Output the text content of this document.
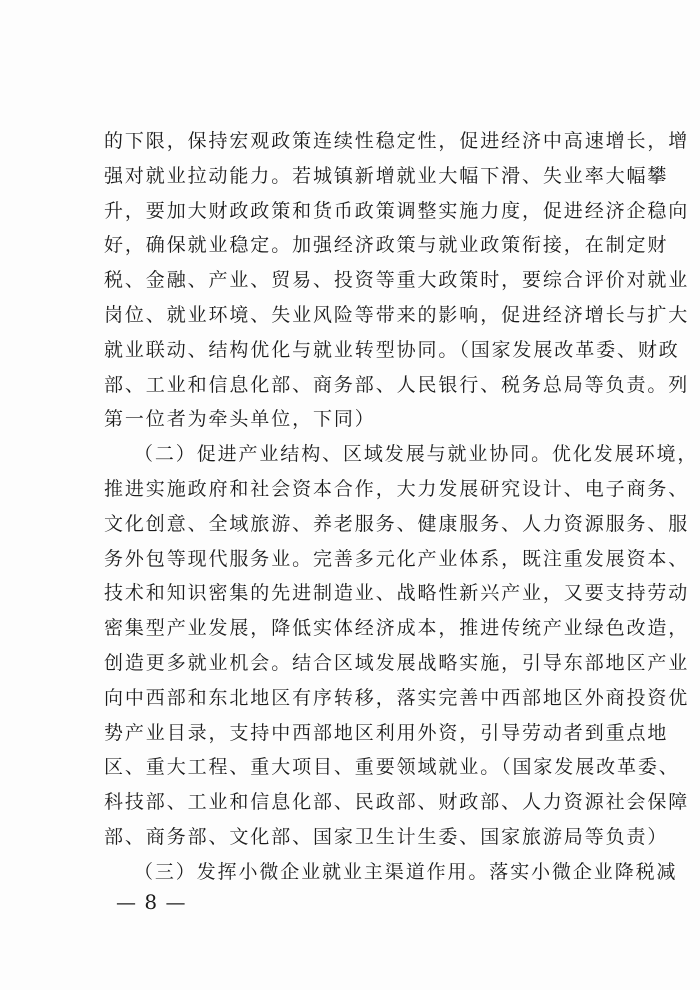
的下限，保持宏观政策连续性稳定性，促进经济中高速增长，增
强对就业拉动能力。若城镇新增就业大幅下滑、失业率大幅攀
升，要加大财政政策和货币政策调整实施力度，促进经济企稳向
好，确保就业稳定。加强经济政策与就业政策衔接，在制定财
税、金融、产业、贸易、投资等重大政策时，要综合评价对就业
岗位、就业环境、失业风险等带来的影响，促进经济增长与扩大
就业联动、结构优化与就业转型协同。（国家发展改革委、财政
部、工业和信息化部、商务部、人民银行、税务总局等负责。列
第一位者为牵头单位，下同）
（二）促进产业结构、区域发展与就业协同。优化发展环境，
推进实施政府和社会资本合作，大力发展研究设计、电子商务、
文化创意、全域旅游、养老服务、健康服务、人力资源服务、服
务外包等现代服务业。完善多元化产业体系，既注重发展资本、
技术和知识密集的先进制造业、战略性新兴产业，又要支持劳动
密集型产业发展，降低实体经济成本，推进传统产业绿色改造，
创造更多就业机会。结合区域发展战略实施，引导东部地区产业
向中西部和东北地区有序转移，落实完善中西部地区外商投资优
势产业目录，支持中西部地区利用外资，引导劳动者到重点地
区、重大工程、重大项目、重要领域就业。（国家发展改革委、
科技部、工业和信息化部、民政部、财政部、人力资源社会保障
部、商务部、文化部、国家卫生计生委、国家旅游局等负责）
（三）发挥小微企业就业主渠道作用。落实小微企业降税减
— 8 —
